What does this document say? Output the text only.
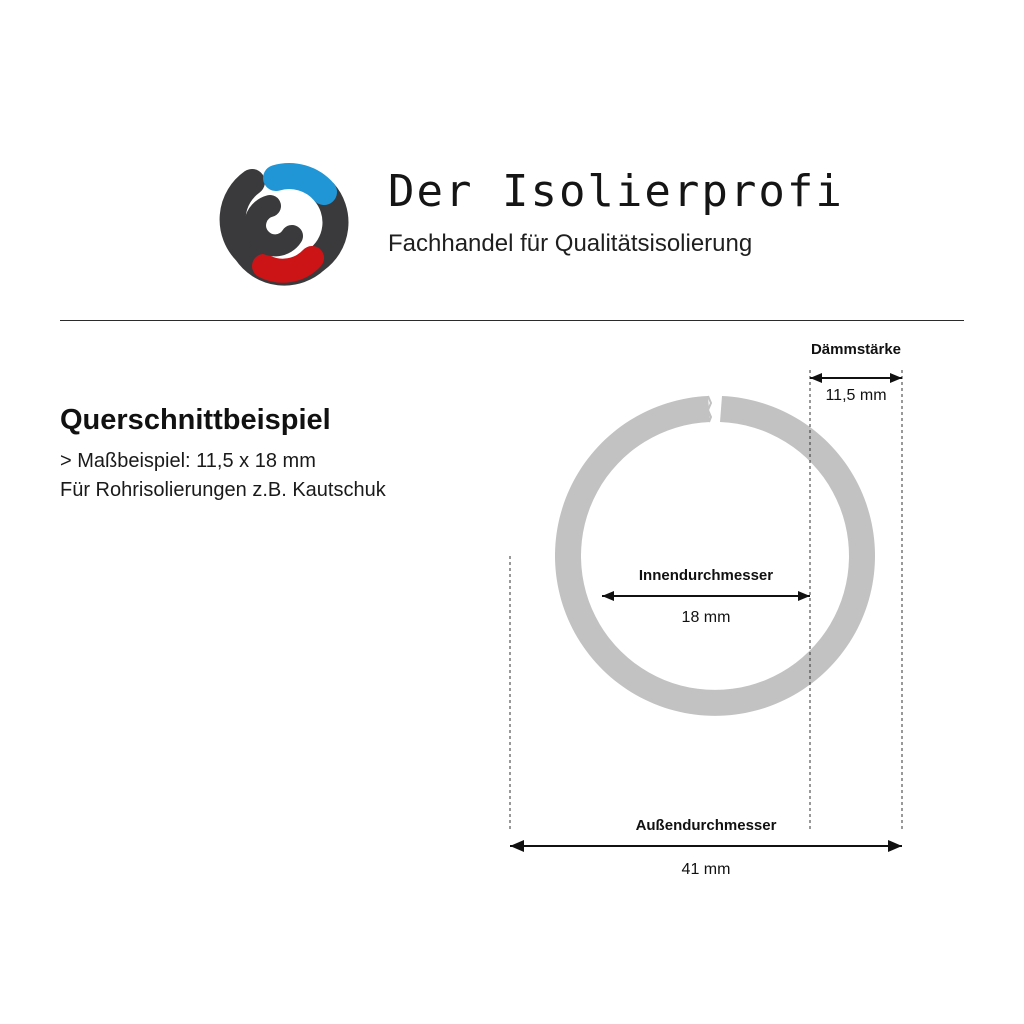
Der Isolierprofi
Fachhandel für Qualitätsisolierung
Querschnittbeispiel
> Maßbeispiel: 11,5 x 18 mm
Für Rohrisolierungen z.B. Kautschuk
Dämmstärke
11,5 mm
Innendurchmesser
18 mm
Außendurchmesser
41 mm
